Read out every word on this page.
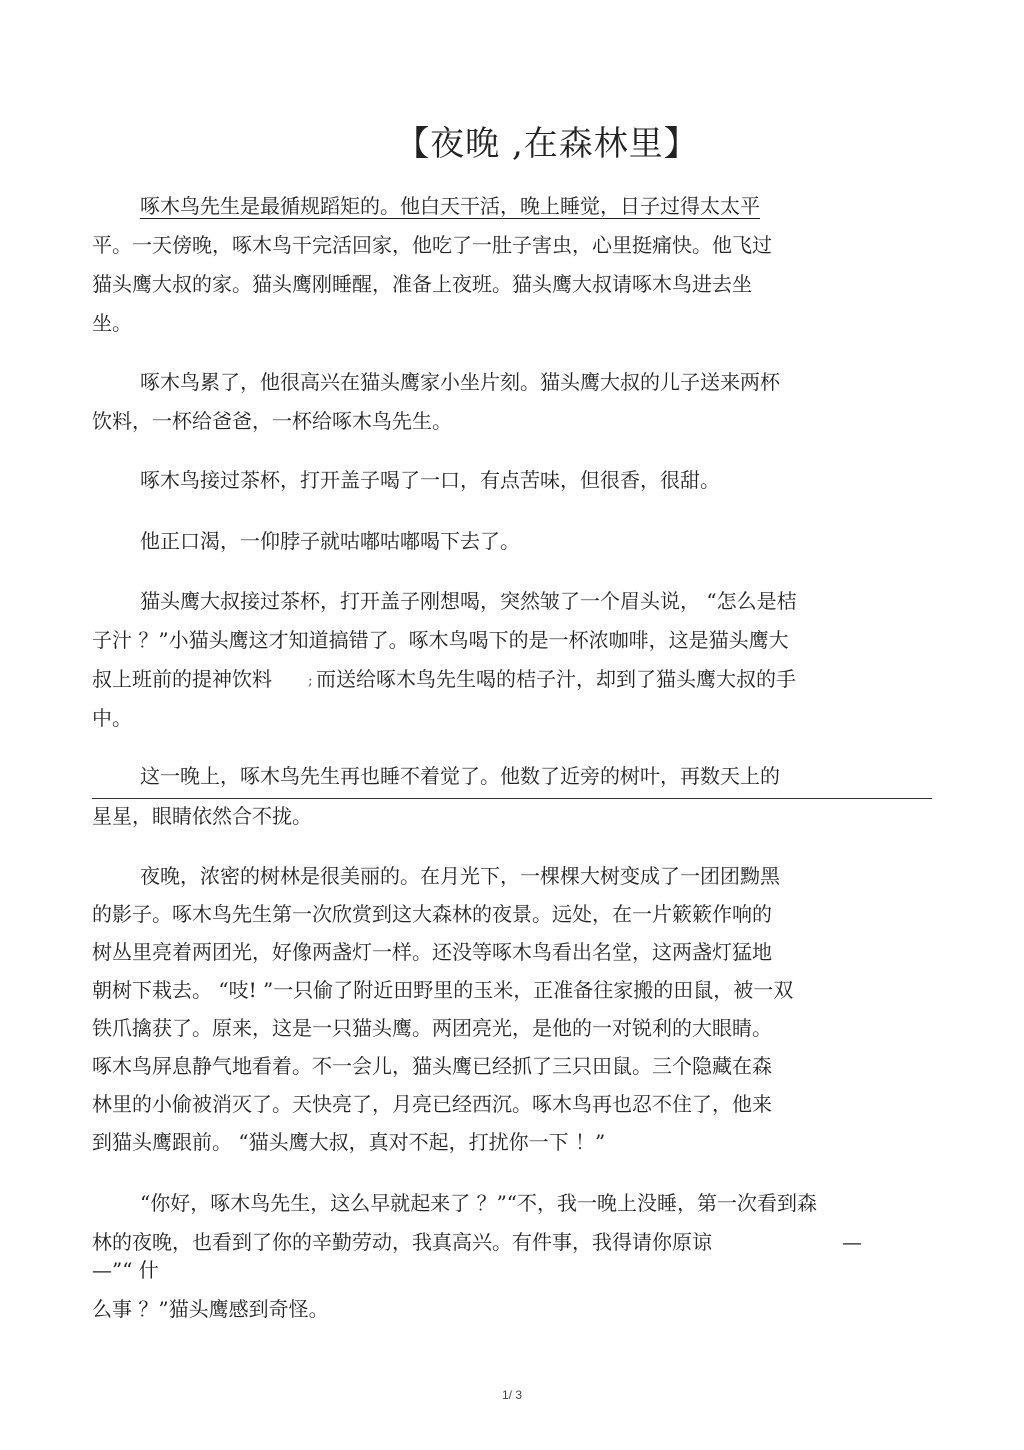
【夜晚 ,在森林里】
啄木鸟先生是最循规蹈矩的。他白天干活，晚上睡觉，日子过得太太平
平。一天傍晚，啄木鸟干完活回家，他吃了一肚子害虫，心里挺痛快。他飞过
猫头鹰大叔的家。猫头鹰刚睡醒，准备上夜班。猫头鹰大叔请啄木鸟进去坐
坐。
啄木鸟累了，他很高兴在猫头鹰家小坐片刻。猫头鹰大叔的儿子送来两杯
饮料，一杯给爸爸，一杯给啄木鸟先生。
啄木鸟接过茶杯，打开盖子喝了一口，有点苦味，但很香，很甜。
他正口渴，一仰脖子就咕嘟咕嘟喝下去了。
猫头鹰大叔接过茶杯，打开盖子刚想喝，突然皱了一个眉头说， “怎么是桔
子汁 ？”小猫头鹰这才知道搞错了。啄木鸟喝下的是一杯浓咖啡，这是猫头鹰大
叔上班前的提神饮料	; 而送给啄木鸟先生喝的桔子汁，却到了猫头鹰大叔的手
中。
这一晚上，啄木鸟先生再也睡不着觉了。他数了近旁的树叶，再数天上的
星星，眼睛依然合不拢。
夜晚，浓密的树林是很美丽的。在月光下，一棵棵大树变成了一团团黝黑
的影子。啄木鸟先生第一次欣赏到这大森林的夜景。远处，在一片簌簌作响的
树丛里亮着两团光，好像两盏灯一样。还没等啄木鸟看出名堂，这两盏灯猛地
朝树下栽去。 “吱! ”一只偷了附近田野里的玉米，正准备往家搬的田鼠，被一双
铁爪擒获了。原来，这是一只猫头鹰。两团亮光，是他的一对锐利的大眼睛。
啄木鸟屏息静气地看着。不一会儿，猫头鹰已经抓了三只田鼠。三个隐藏在森
林里的小偷被消灭了。天快亮了，月亮已经西沉。啄木鸟再也忍不住了，他来
到猫头鹰跟前。 “猫头鹰大叔，真对不起，打扰你一下 ！”
“你好，啄木鸟先生，这么早就起来了 ？”“不，我一晚上没睡，第一次看到森
林的夜晚，也看到了你的辛勤劳动，我真高兴。有件事，我得请你原谅	—
—”“ 什
么事 ？”猫头鹰感到奇怪。
1/ 3
